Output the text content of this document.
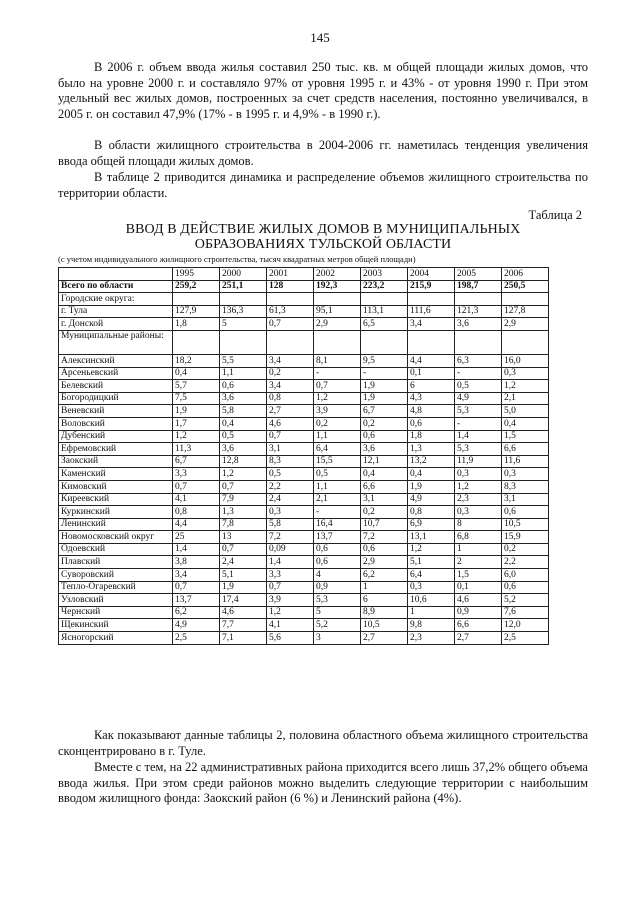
145

В 2006 г. объем ввода жилья составил 250 тыс. кв. м общей площади жилых домов, что было на уровне 2000 г. и составляло 97% от уровня 1995 г. и 43% - от уровня 1990 г. При этом удельный вес жилых домов, построенных за счет средств населения, постоянно увеличивался, в 2005 г. он составил 47,9% (17% - в 1995 г. и 4,9% - в 1990 г.).

В области жилищного строительства в 2004-2006 гг. наметилась тенденция увеличения ввода общей площади жилых домов.

В таблице 2 приводится динамика и распределение объемов жилищного строительства по территории области.

Таблица 2
ВВОД В ДЕЙСТВИЕ ЖИЛЫХ ДОМОВ В МУНИЦИПАЛЬНЫХ
ОБРАЗОВАНИЯХ ТУЛЬСКОЙ ОБЛАСТИ
(с учетом индивидуального жилищного строительства, тысяч квадратных метров общей площади)
	1995	2000	2001	2002	2003	2004	2005	2006
Всего по области	259,2	251,1	128	192,3	223,2	215,9	198,7	250,5
Городские округа:								
г. Тула	127,9	136,3	61,3	95,1	113,1	111,6	121,3	127,8
г. Донской	1,8	5	0,7	2,9	6,5	3,4	3,6	2,9
Муниципальные районы:								
Алексинский	18,2	5,5	3,4	8,1	9,5	4,4	6,3	16,0
Арсеньевский	0,4	1,1	0,2	-	-	0,1	-	0,3
Белевский	5,7	0,6	3,4	0,7	1,9	6	0,5	1,2
Богородицкий	7,5	3,6	0,8	1,2	1,9	4,3	4,9	2,1
Веневский	1,9	5,8	2,7	3,9	6,7	4,8	5,3	5,0
Воловский	1,7	0,4	4,6	0,2	0,2	0,6	-	0,4
Дубенский	1,2	0,5	0,7	1,1	0,6	1,8	1,4	1,5
Ефремовский	11,3	3,6	3,1	6,4	3,6	1,3	5,3	6,6
Заокский	6,7	12,8	8,3	15,5	12,1	13,2	11,9	11,6
Каменский	3,3	1,2	0,5	0,5	0,4	0,4	0,3	0,3
Кимовский	0,7	0,7	2,2	1,1	6,6	1,9	1,2	8,3
Киреевский	4,1	7,9	2,4	2,1	3,1	4,9	2,3	3,1
Куркинский	0,8	1,3	0,3	-	0,2	0,8	0,3	0,6
Ленинский	4,4	7,8	5,8	16,4	10,7	6,9	8	10,5
Новомосковский округ	25	13	7,2	13,7	7,2	13,1	6,8	15,9
Одоевский	1,4	0,7	0,09	0,6	0,6	1,2	1	0,2
Плавский	3,8	2,4	1,4	0,6	2,9	5,1	2	2,2
Суворовский	3,4	5,1	3,3	4	6,2	6,4	1,5	6,0
Тепло-Огаревский	0,7	1,9	0,7	0,9	1	0,3	0,1	0,6
Узловский	13,7	17,4	3,9	5,3	6	10,6	4,6	5,2
Чернский	6,2	4,6	1,2	5	8,9	1	0,9	7,6
Щекинский	4,9	7,7	4,1	5,2	10,5	9,8	6,6	12,0
Ясногорский	2,5	7,1	5,6	3	2,7	2,3	2,7	2,5

Как показывают данные таблицы 2, половина областного объема жилищного строительства сконцентрировано в г. Туле.

Вместе с тем, на 22 административных района приходится всего лишь 37,2% общего объема ввода жилья. При этом среди районов можно выделить следующие территории с наибольшим вводом жилищного фонда: Заокский район (6 %) и Ленинский района (4%).
